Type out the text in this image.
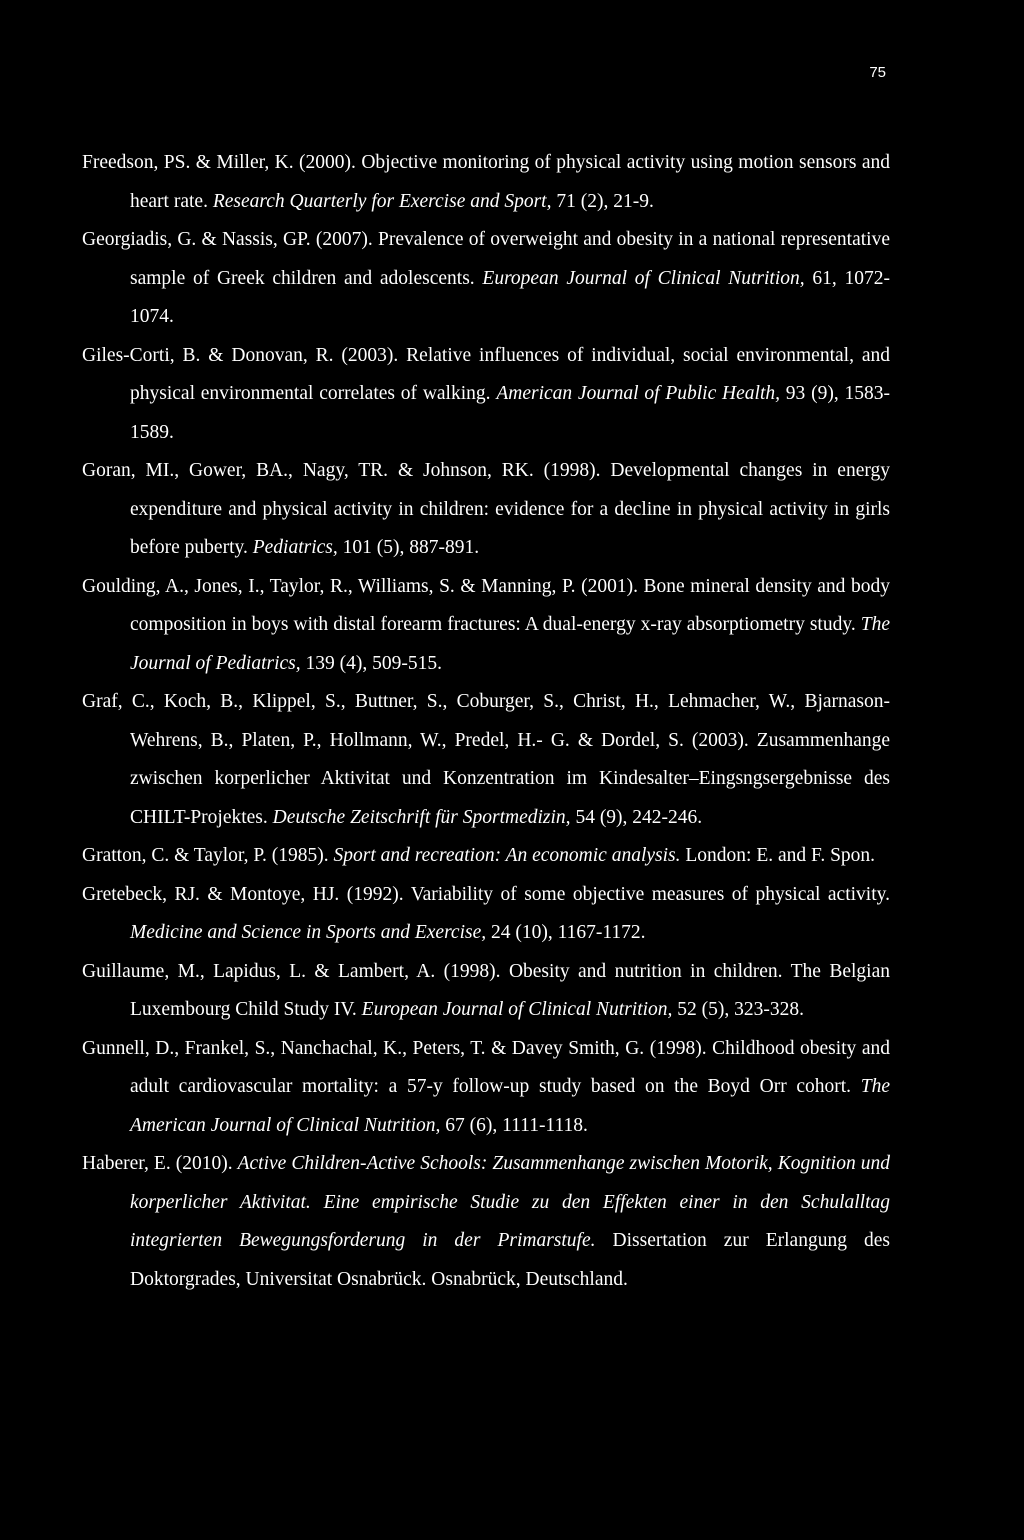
75
Freedson, PS. & Miller, K. (2000). Objective monitoring of physical activity using motion sensors and heart rate. Research Quarterly for Exercise and Sport, 71 (2), 21-9.
Georgiadis, G. & Nassis, GP. (2007). Prevalence of overweight and obesity in a national representative sample of Greek children and adolescents. European Journal of Clinical Nutrition, 61, 1072-1074.
Giles-Corti, B. & Donovan, R. (2003). Relative influences of individual, social environmental, and physical environmental correlates of walking. American Journal of Public Health, 93 (9), 1583-1589.
Goran, MI., Gower, BA., Nagy, TR. & Johnson, RK. (1998). Developmental changes in energy expenditure and physical activity in children: evidence for a decline in physical activity in girls before puberty. Pediatrics, 101 (5), 887-891.
Goulding, A., Jones, I., Taylor, R., Williams, S. & Manning, P. (2001). Bone mineral density and body composition in boys with distal forearm fractures: A dual-energy x-ray absorptiometry study. The Journal of Pediatrics, 139 (4), 509-515.
Graf, C., Koch, B., Klippel, S., Buttner, S., Coburger, S., Christ, H., Lehmacher, W., Bjarnason-Wehrens, B., Platen, P., Hollmann, W., Predel, H.- G. & Dordel, S. (2003). Zusammenhange zwischen korperlicher Aktivitat und Konzentration im Kindesalter–Eingsngsergebnisse des CHILT-Projektes. Deutsche Zeitschrift für Sportmedizin, 54 (9), 242-246.
Gratton, C. & Taylor, P. (1985). Sport and recreation: An economic analysis. London: E. and F. Spon.
Gretebeck, RJ. & Montoye, HJ. (1992). Variability of some objective measures of physical activity. Medicine and Science in Sports and Exercise, 24 (10), 1167-1172.
Guillaume, M., Lapidus, L. & Lambert, A. (1998). Obesity and nutrition in children. The Belgian Luxembourg Child Study IV. European Journal of Clinical Nutrition, 52 (5), 323-328.
Gunnell, D., Frankel, S., Nanchachal, K., Peters, T. & Davey Smith, G. (1998). Childhood obesity and adult cardiovascular mortality: a 57-y follow-up study based on the Boyd Orr cohort. The American Journal of Clinical Nutrition, 67 (6), 1111-1118.
Haberer, E. (2010). Active Children-Active Schools: Zusammenhange zwischen Motorik, Kognition und korperlicher Aktivitat. Eine empirische Studie zu den Effekten einer in den Schulalltag integrierten Bewegungsforderung in der Primarstufe. Dissertation zur Erlangung des Doktorgrades, Universitat Osnabrück. Osnabrück, Deutschland.
